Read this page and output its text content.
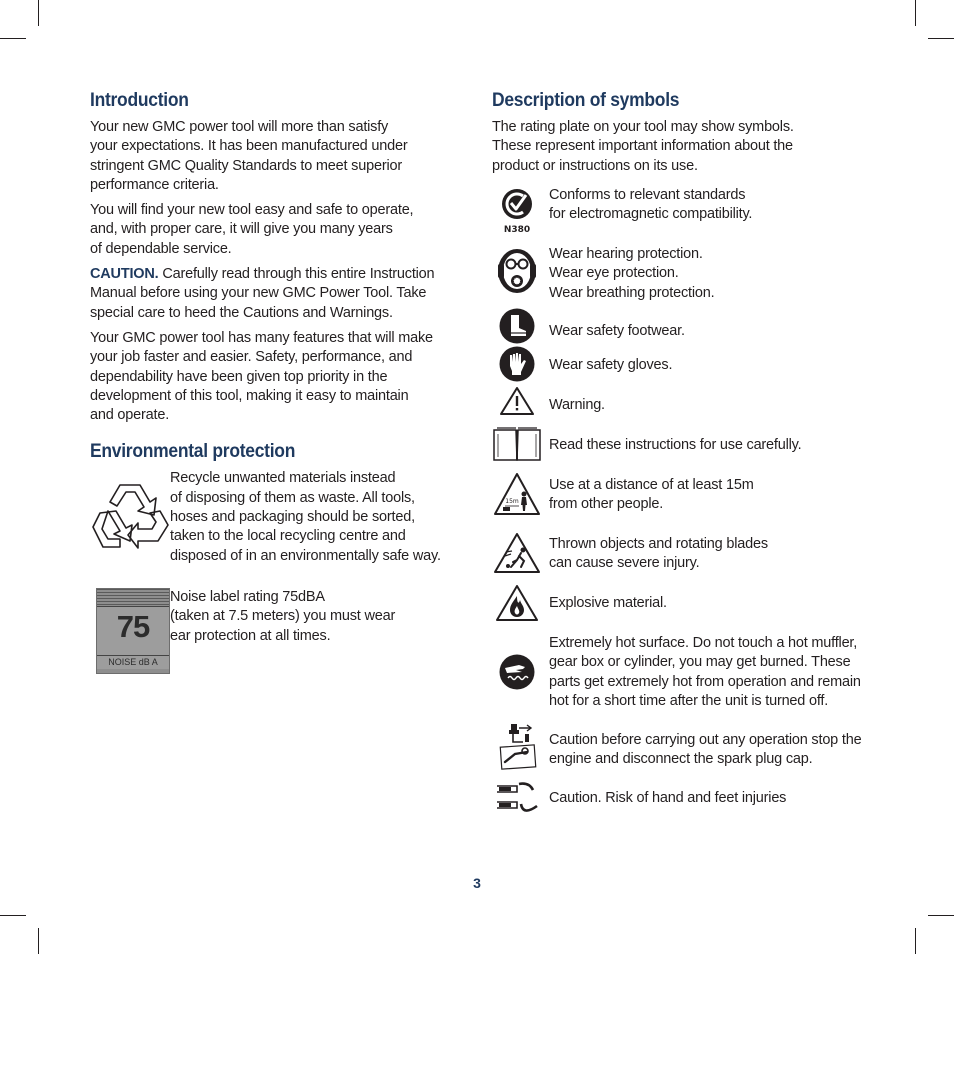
Introduction

Your new GMC power tool will more than satisfy
your expectations. It has been manufactured under
stringent GMC Quality Standards to meet superior
performance criteria.

You will find your new tool easy and safe to operate,
and, with proper care, it will give you many years
of dependable service.

CAUTION. Carefully read through this entire Instruction
Manual before using your new GMC Power Tool. Take
special care to heed the Cautions and Warnings.

Your GMC power tool has many features that will make
your job faster and easier. Safety, performance, and
dependability have been given top priority in the
development of this tool, making it easy to maintain
and operate.

Environmental protection

Recycle unwanted materials instead
of disposing of them as waste. All tools,
hoses and packaging should be sorted,
taken to the local recycling centre and
disposed of in an environmentally safe way.

75
NOISE dB A

Noise label rating 75dBA
(taken at 7.5 meters) you must wear
ear protection at all times.

Description of symbols

The rating plate on your tool may show symbols.
These represent important information about the
product or instructions on its use.

N380
Conforms to relevant standards
for electromagnetic compatibility.
Wear hearing protection.
Wear eye protection.
Wear breathing protection.
Wear safety footwear.
Wear safety gloves.
Warning.
Read these instructions for use carefully.
15m
Use at a distance of at least 15m
from other people.
Thrown objects and rotating blades
can cause severe injury.
Explosive material.
Extremely hot surface. Do not touch a hot muffler,
gear box or cylinder, you may get burned. These
parts get extremely hot from operation and remain
hot for a short time after the unit is turned off.
Caution before carrying out any operation stop the
engine and disconnect the spark plug cap.
Caution. Risk of hand and feet injuries
3
